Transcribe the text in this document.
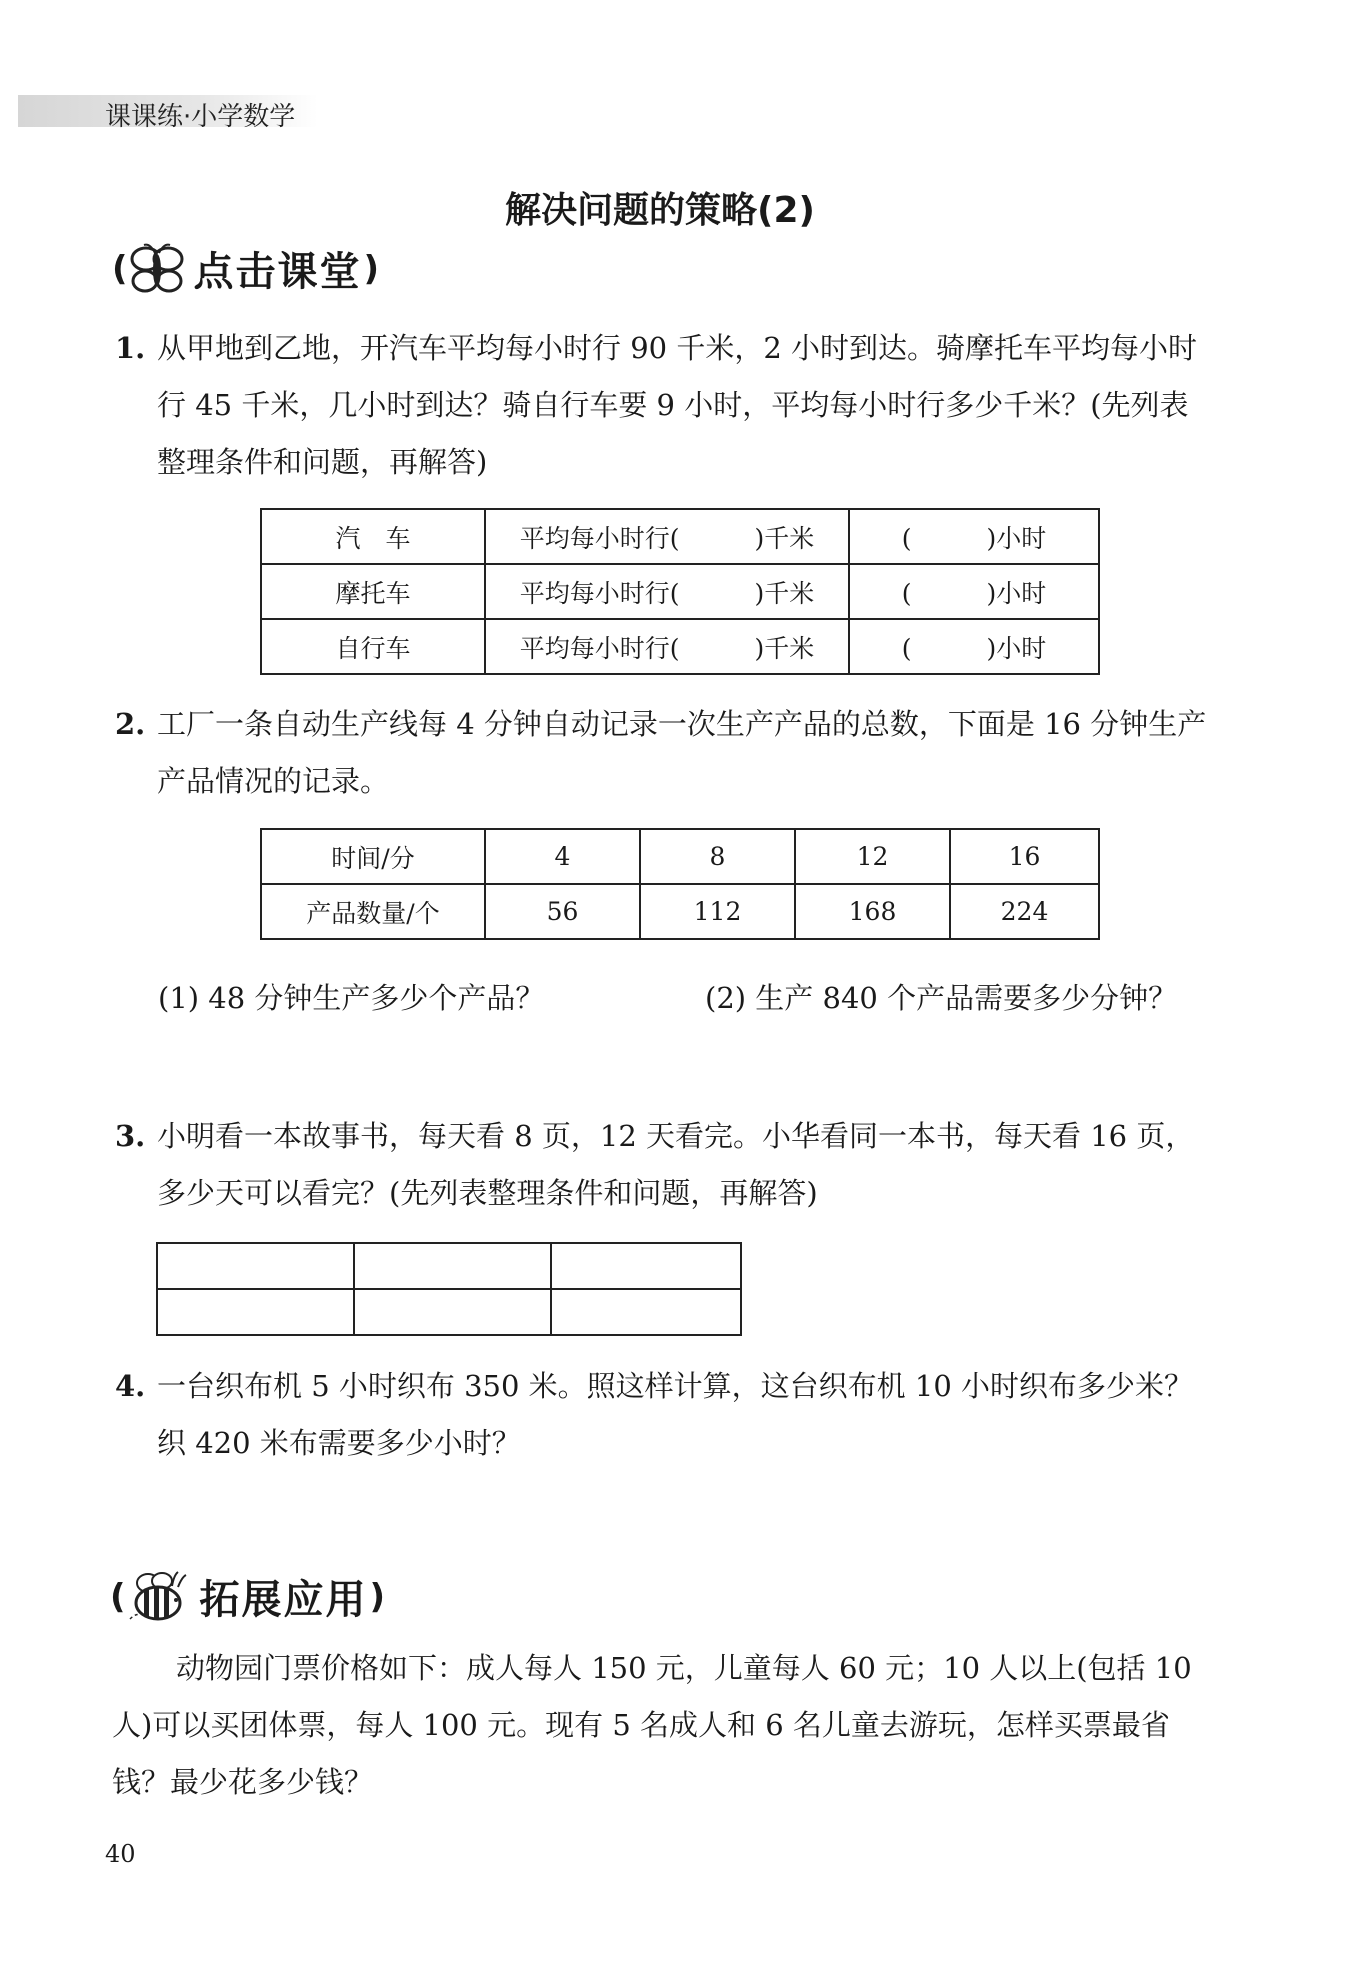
课课练·小学数学
解决问题的策略(2)
( 点击课堂 )
1. 从甲地到乙地，开汽车平均每小时行 90 千米，2 小时到达。骑摩托车平均每小时行 45 千米，几小时到达？骑自行车要 9 小时，平均每小时行多少千米？(先列表整理条件和问题，再解答)
汽　车	平均每小时行(　　　)千米	(　　　)小时
摩托车	平均每小时行(　　　)千米	(　　　)小时
自行车	平均每小时行(　　　)千米	(　　　)小时
2. 工厂一条自动生产线每 4 分钟自动记录一次生产产品的总数，下面是 16 分钟生产产品情况的记录。
时间/分	4	8	12	16
产品数量/个	56	112	168	224
(1) 48 分钟生产多少个产品？	(2) 生产 840 个产品需要多少分钟？
3. 小明看一本故事书，每天看 8 页，12 天看完。小华看同一本书，每天看 16 页，多少天可以看完？(先列表整理条件和问题，再解答)

4. 一台织布机 5 小时织布 350 米。照这样计算，这台织布机 10 小时织布多少米？织 420 米布需要多少小时？
( 拓展应用 )
动物园门票价格如下：成人每人 150 元，儿童每人 60 元；10 人以上(包括 10 人)可以买团体票，每人 100 元。现有 5 名成人和 6 名儿童去游玩，怎样买票最省钱？最少花多少钱？
40
